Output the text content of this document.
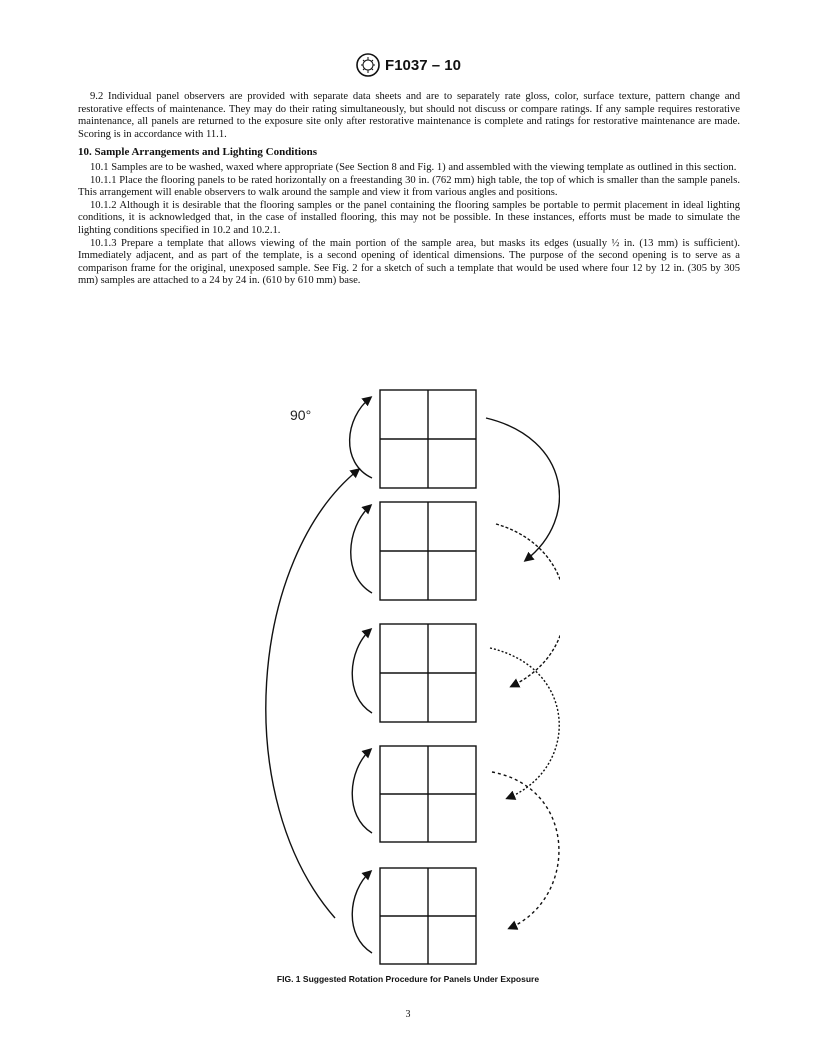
F1037 – 10

9.2 Individual panel observers are provided with separate data sheets and are to separately rate gloss, color, surface texture, pattern change and restorative effects of maintenance. They may do their rating simultaneously, but should not discuss or compare ratings. If any sample requires restorative maintenance, all panels are returned to the exposure site only after restorative maintenance is complete and ratings for restorative maintenance are made. Scoring is in accordance with 11.1.

10. Sample Arrangements and Lighting Conditions

10.1 Samples are to be washed, waxed where appropriate (See Section 8 and Fig. 1) and assembled with the viewing template as outlined in this section.

10.1.1 Place the flooring panels to be rated horizontally on a freestanding 30 in. (762 mm) high table, the top of which is smaller than the sample panels. This arrangement will enable observers to walk around the sample and view it from various angles and positions.

10.1.2 Although it is desirable that the flooring samples or the panel containing the flooring samples be portable to permit placement in ideal lighting conditions, it is acknowledged that, in the case of installed flooring, this may not be possible. In these instances, efforts must be made to simulate the lighting conditions specified in 10.2 and 10.2.1.

10.1.3 Prepare a template that allows viewing of the main portion of the sample area, but masks its edges (usually ½ in. (13 mm) is sufficient). Immediately adjacent, and as part of the template, is a second opening of identical dimensions. The purpose of the second opening is to serve as a comparison frame for the original, unexposed sample. See Fig. 2 for a sketch of such a template that would be used where four 12 by 12 in. (305 by 305 mm) samples are attached to a 24 by 24 in. (610 by 610 mm) base.

90°
FIG. 1 Suggested Rotation Procedure for Panels Under Exposure
3
